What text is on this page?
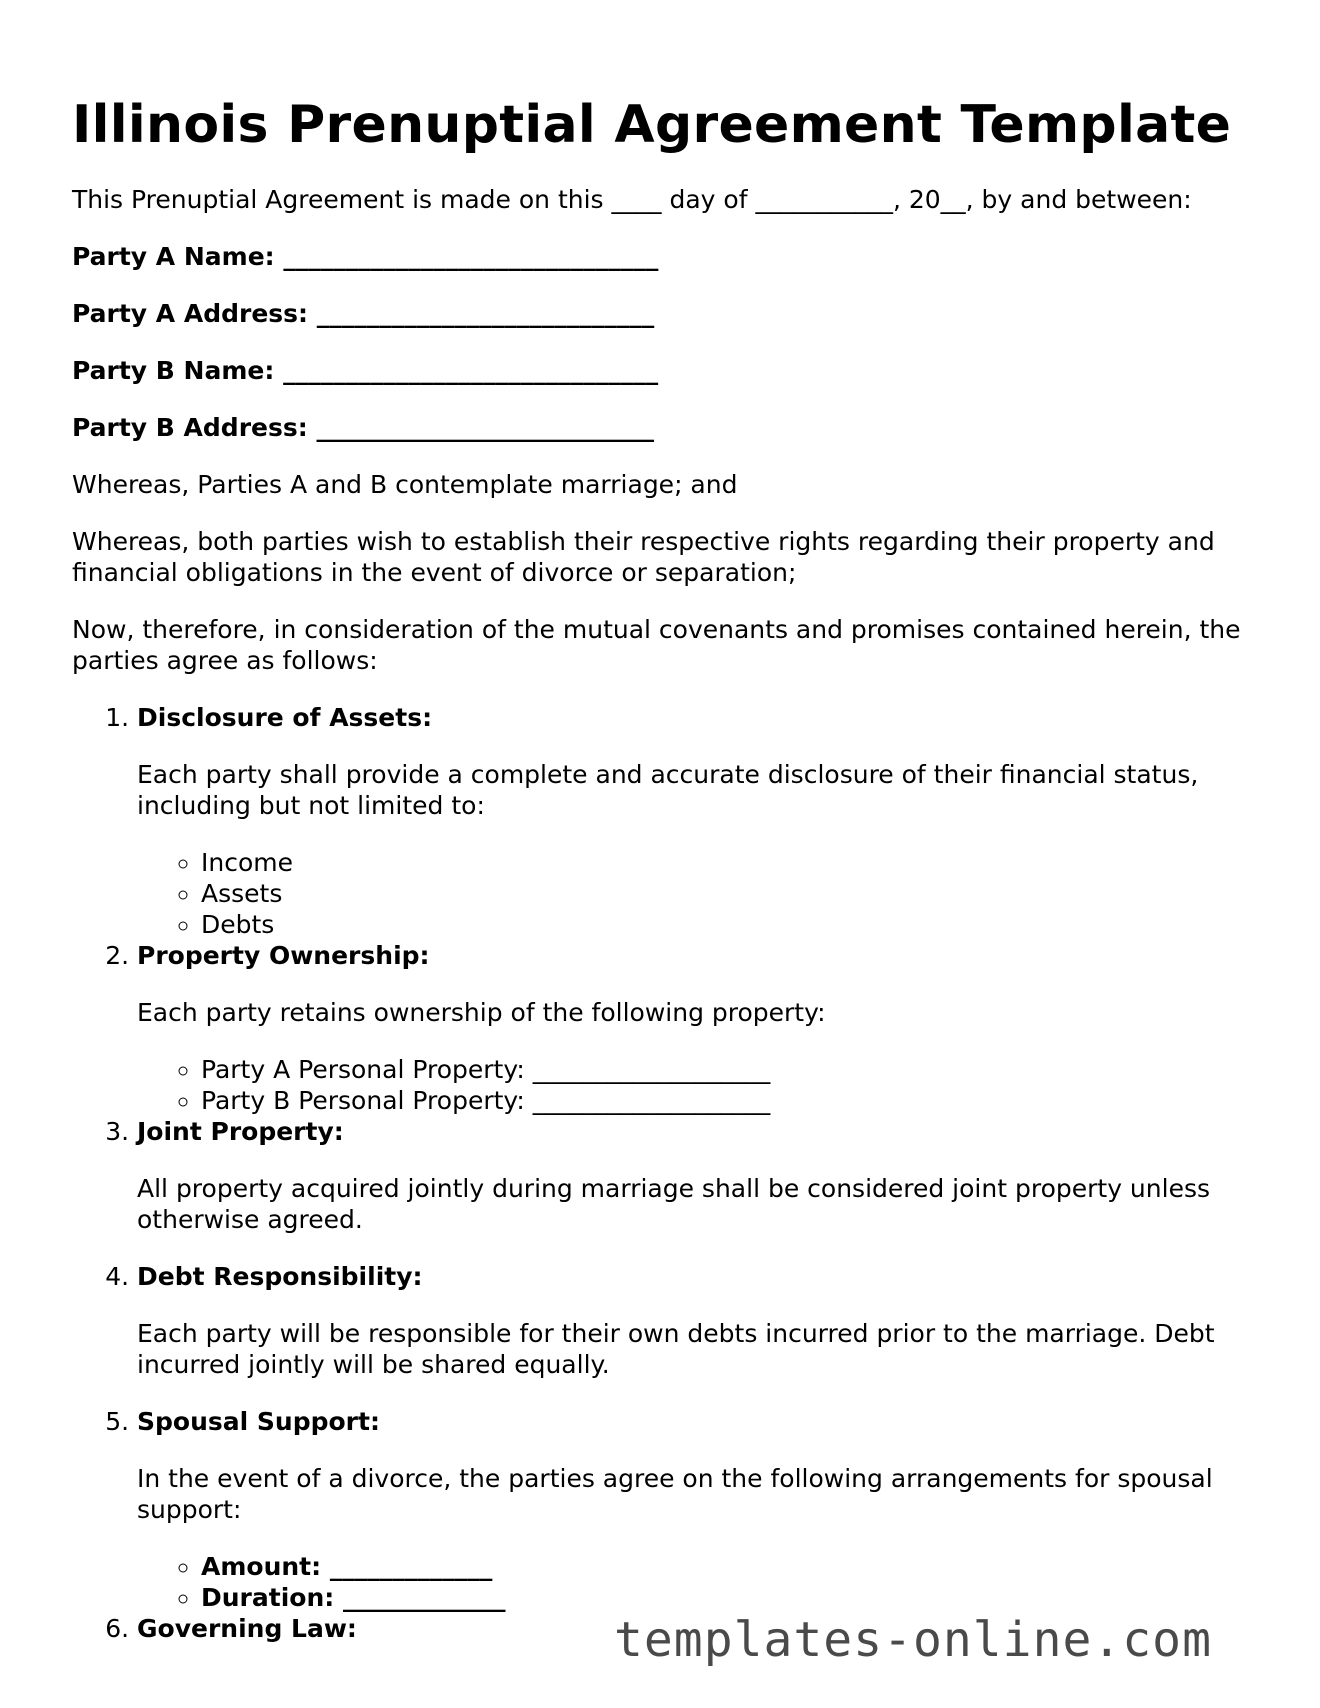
Illinois Prenuptial Agreement Template

This Prenuptial Agreement is made on this ____ day of ___________, 20__, by and between:

Party A Name: ______________________________
Party A Address: ___________________________
Party B Name: ______________________________
Party B Address: ___________________________

Whereas, Parties A and B contemplate marriage; and

Whereas, both parties wish to establish their respective rights regarding their property and financial obligations in the event of divorce or separation;

Now, therefore, in consideration of the mutual covenants and promises contained herein, the parties agree as follows:

1. Disclosure of Assets:

Each party shall provide a complete and accurate disclosure of their financial status, including but not limited to:

◦ Income
◦ Assets
◦ Debts
2. Property Ownership:

Each party retains ownership of the following property:

◦ Party A Personal Property: ___________________
◦ Party B Personal Property: ___________________
3. Joint Property:

All property acquired jointly during marriage shall be considered joint property unless otherwise agreed.

4. Debt Responsibility:

Each party will be responsible for their own debts incurred prior to the marriage. Debt incurred jointly will be shared equally.

5. Spousal Support:

In the event of a divorce, the parties agree on the following arrangements for spousal support:

◦ Amount: _____________
◦ Duration: _____________
6. Governing Law:	templates-online.com
